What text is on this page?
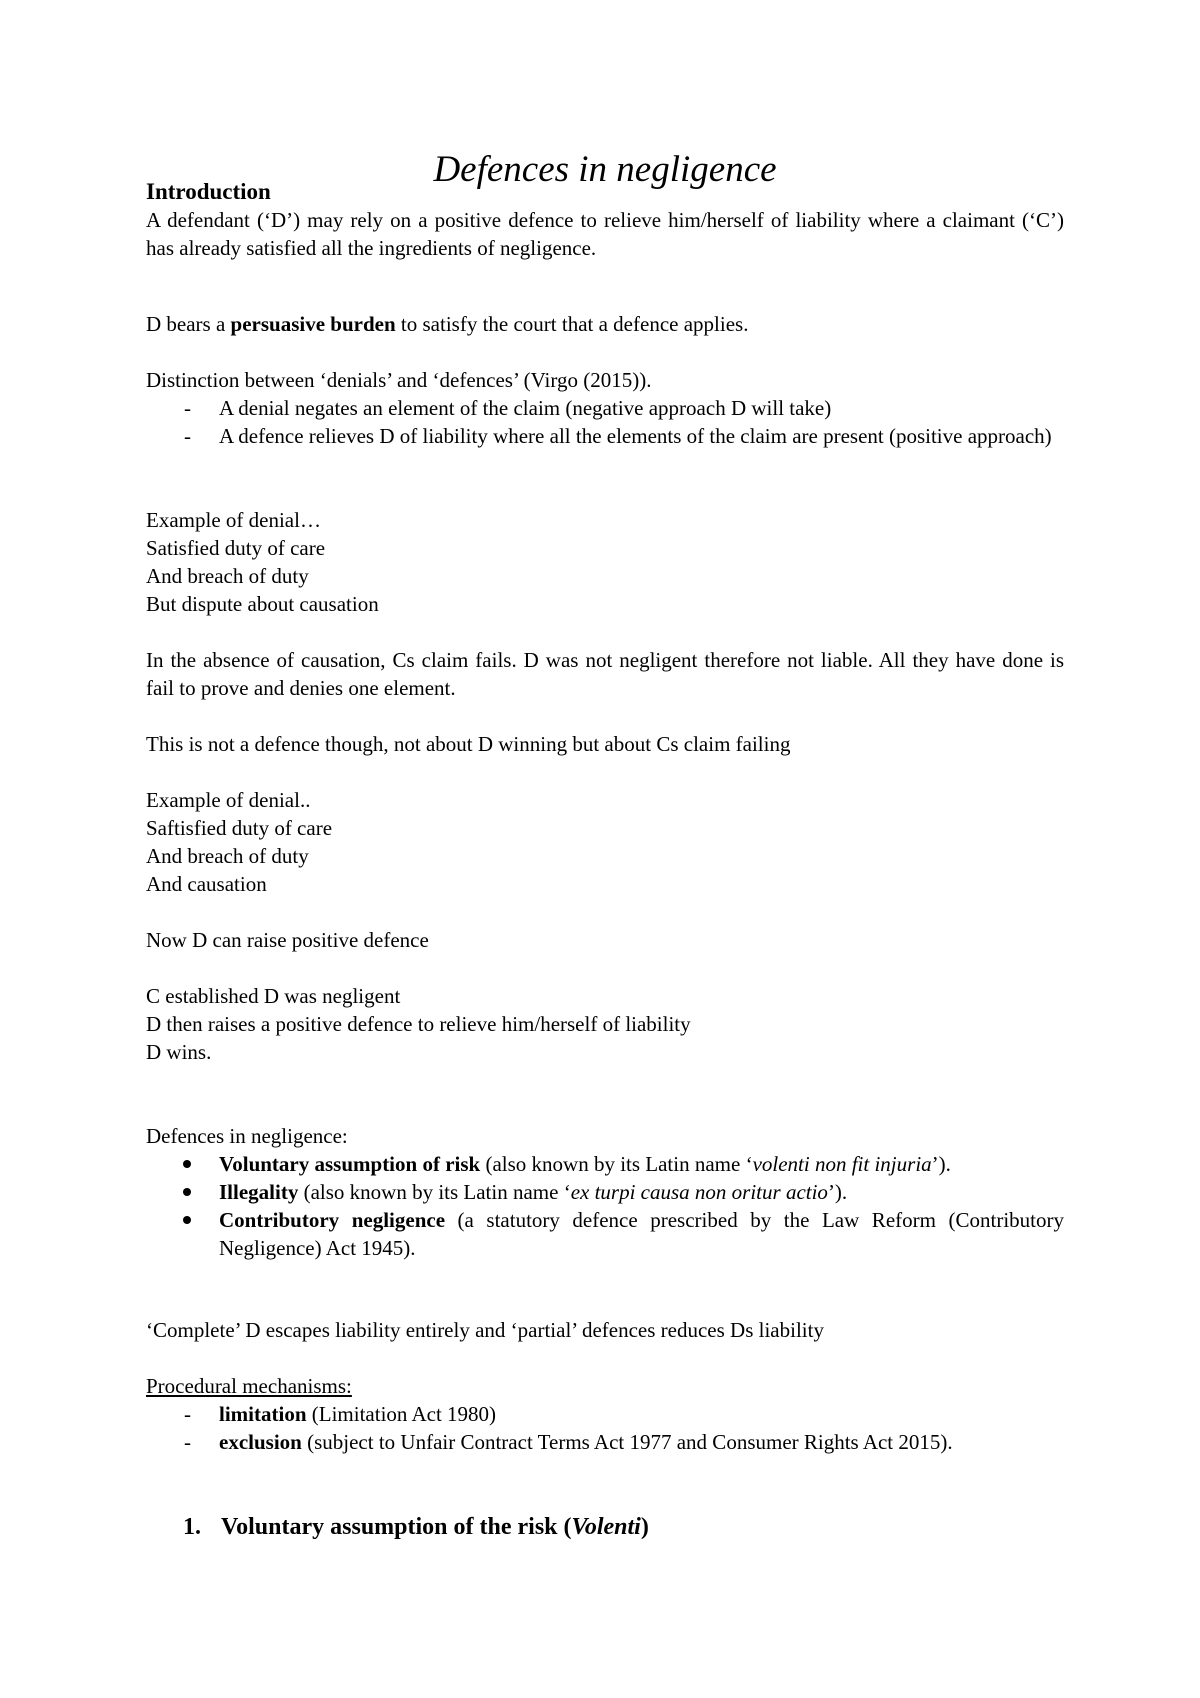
Defences in negligence
Introduction
A defendant (‘D’) may rely on a positive defence to relieve him/herself of liability where a claimant (‘C’) has already satisfied all the ingredients of negligence.
D bears a persuasive burden to satisfy the court that a defence applies.
Distinction between ‘denials’ and ‘defences’ (Virgo (2015)).
- A denial negates an element of the claim (negative approach D will take)
- A defence relieves D of liability where all the elements of the claim are present (positive approach)
Example of denial…
Satisfied duty of care
And breach of duty
But dispute about causation
In the absence of causation, Cs claim fails. D was not negligent therefore not liable. All they have done is fail to prove and denies one element.
This is not a defence though, not about D winning but about Cs claim failing
Example of denial..
Saftisfied duty of care
And breach of duty
And causation
Now D can raise positive defence
C established D was negligent
D then raises a positive defence to relieve him/herself of liability
D wins.
Defences in negligence:
Voluntary assumption of risk (also known by its Latin name ‘volenti non fit injuria’).
Illegality (also known by its Latin name ‘ex turpi causa non oritur actio’).
Contributory negligence (a statutory defence prescribed by the Law Reform (Contributory Negligence) Act 1945).
‘Complete’ D escapes liability entirely and ‘partial’ defences reduces Ds liability
Procedural mechanisms:
- limitation (Limitation Act 1980)
- exclusion (subject to Unfair Contract Terms Act 1977 and Consumer Rights Act 2015).
1. Voluntary assumption of the risk (Volenti)
